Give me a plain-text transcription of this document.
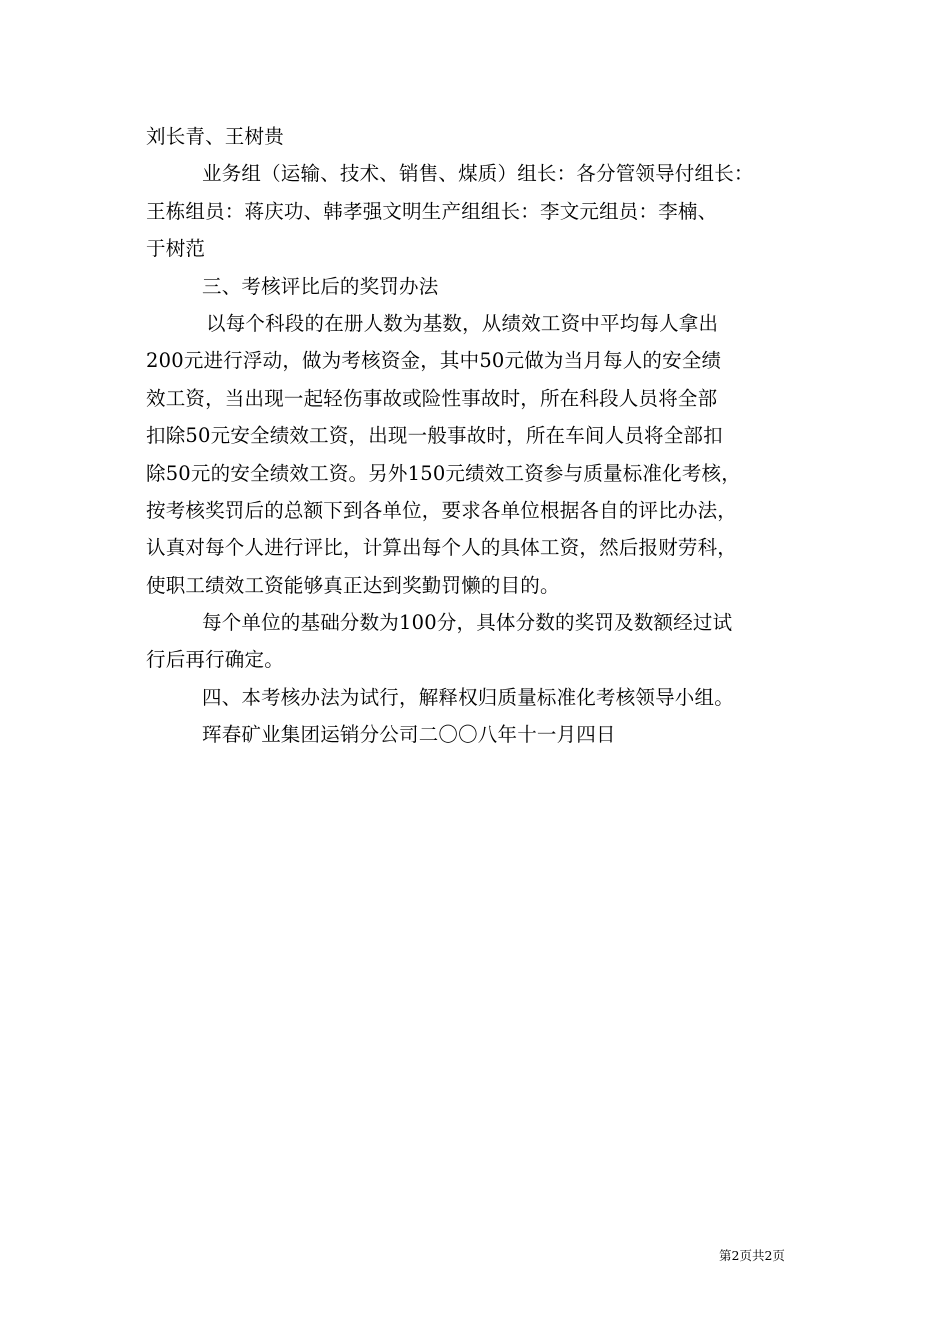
刘长青、王树贵
业务组（运输、技术、销售、煤质）组长：各分管领导付组长：
王栋组员：蒋庆功、韩孝强文明生产组组长：李文元组员：李楠、
于树范
三、考核评比后的奖罚办法
以每个科段的在册人数为基数，从绩效工资中平均每人拿出
200元进行浮动，做为考核资金，其中50元做为当月每人的安全绩
效工资，当出现一起轻伤事故或险性事故时，所在科段人员将全部
扣除50元安全绩效工资，出现一般事故时，所在车间人员将全部扣
除50元的安全绩效工资。另外150元绩效工资参与质量标准化考核，
按考核奖罚后的总额下到各单位，要求各单位根据各自的评比办法，
认真对每个人进行评比，计算出每个人的具体工资，然后报财劳科，
使职工绩效工资能够真正达到奖勤罚懒的目的。
每个单位的基础分数为100分，具体分数的奖罚及数额经过试
行后再行确定。
四、本考核办法为试行，解释权归质量标准化考核领导小组。
珲春矿业集团运销分公司二〇〇八年十一月四日
第2页共2页
